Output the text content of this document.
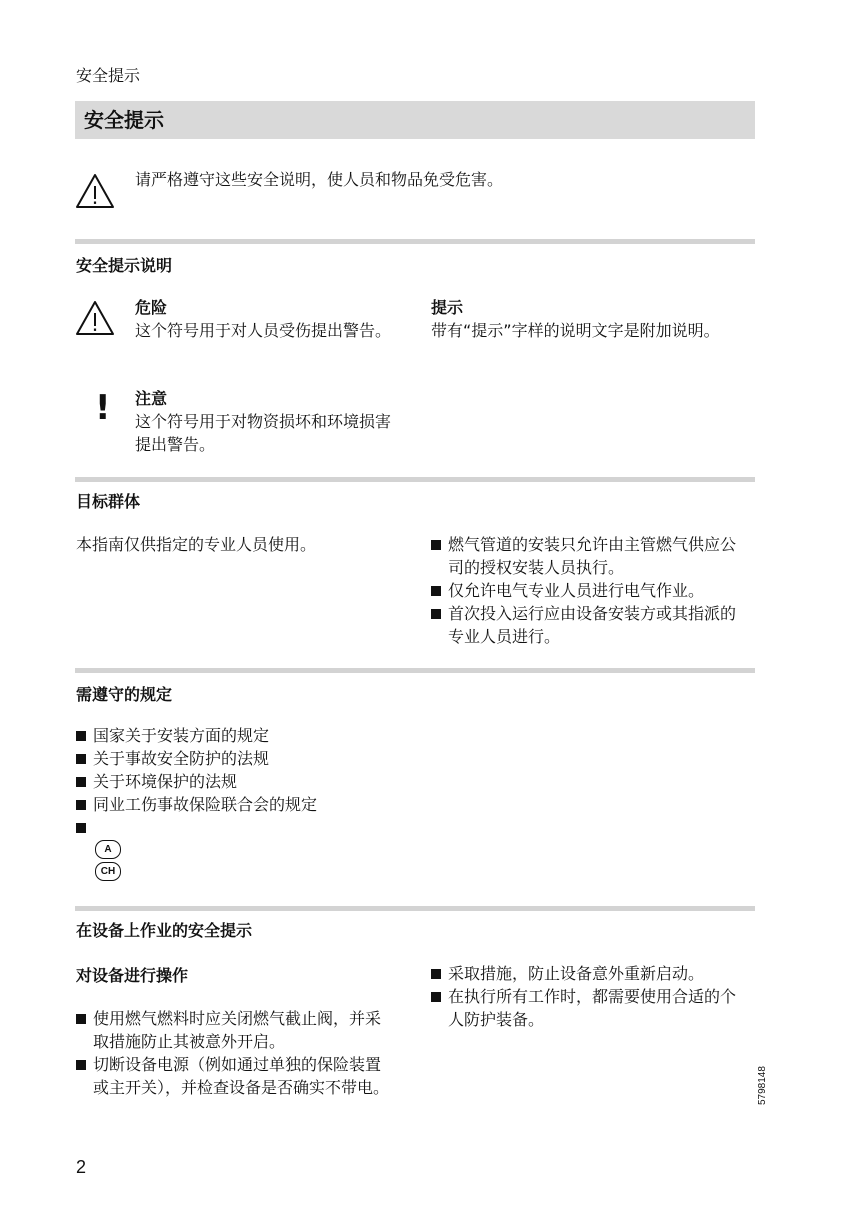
安全提示
安全提示
请严格遵守这些安全说明，使人员和物品免受危害。
安全提示说明
危险
这个符号用于对人员受伤提出警告。
! 注意
这个符号用于对物资损坏和环境损害提出警告。
提示
带有“提示”字样的说明文字是附加说明。
目标群体
本指南仅供指定的专业人员使用。	燃气管道的安装只允许由主管燃气供应公司的授权安装人员执行。
仅允许电气专业人员进行电气作业。
首次投入运行应由设备安装方或其指派的专业人员进行。
需遵守的规定
国家关于安装方面的规定
关于事故安全防护的法规
关于环境保护的法规
同业工伤事故保险联合会的规定
A
CH
在设备上作业的安全提示
对设备进行操作
使用燃气燃料时应关闭燃气截止阀，并采取措施防止其被意外开启。
切断设备电源（例如通过单独的保险装置或主开关），并检查设备是否确实不带电。
采取措施，防止设备意外重新启动。
在执行所有工作时，都需要使用合适的个人防护装备。
5798148
2
